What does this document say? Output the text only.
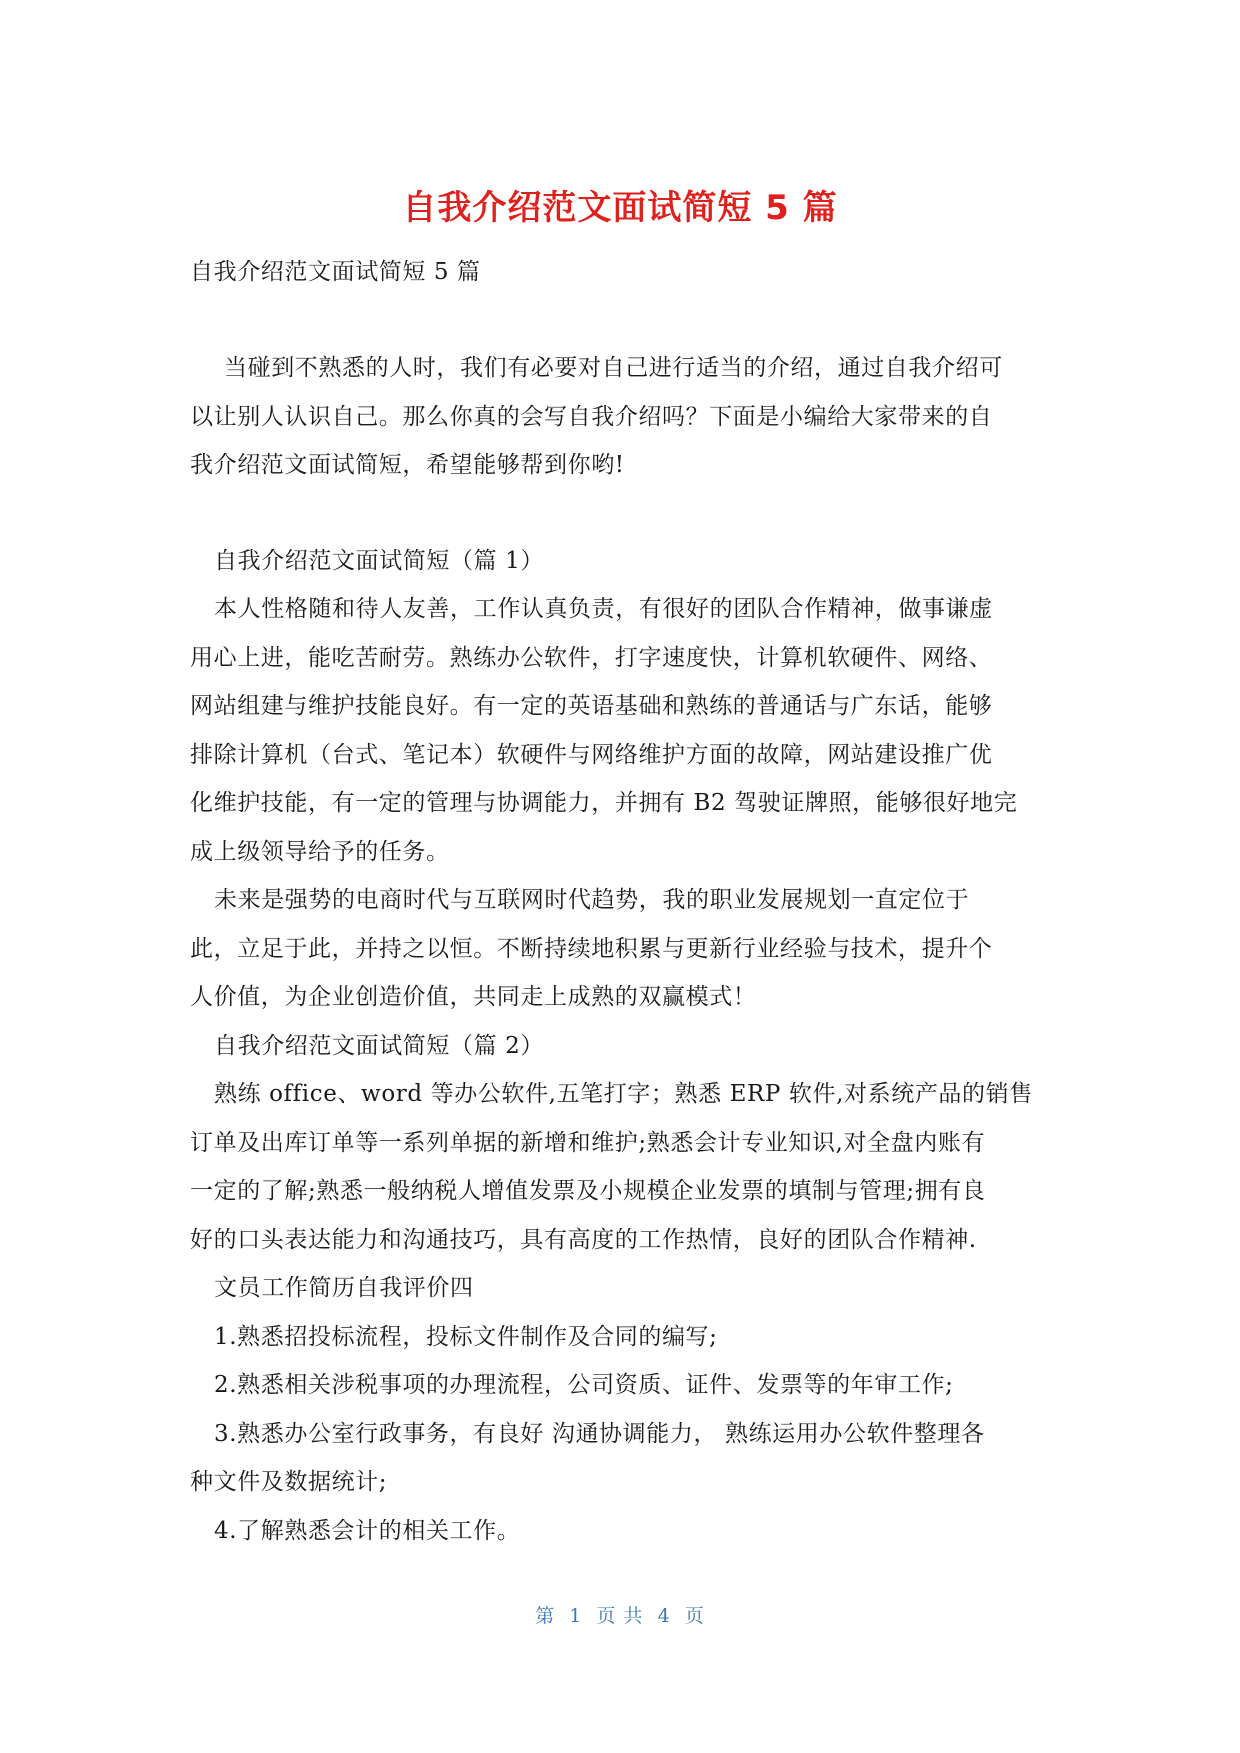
自我介绍范文面试简短 5 篇
自我介绍范文面试简短 5 篇
当碰到不熟悉的人时，我们有必要对自己进行适当的介绍，通过自我介绍可
以让别人认识自己。那么你真的会写自我介绍吗？下面是小编给大家带来的自
我介绍范文面试简短，希望能够帮到你哟!
自我介绍范文面试简短（篇 1）
本人性格随和待人友善，工作认真负责，有很好的团队合作精神，做事谦虚
用心上进，能吃苦耐劳。熟练办公软件，打字速度快，计算机软硬件、网络、
网站组建与维护技能良好。有一定的英语基础和熟练的普通话与广东话，能够
排除计算机（台式、笔记本）软硬件与网络维护方面的故障，网站建设推广优
化维护技能，有一定的管理与协调能力，并拥有 B2 驾驶证牌照，能够很好地完
成上级领导给予的任务。
未来是强势的电商时代与互联网时代趋势，我的职业发展规划一直定位于
此，立足于此，并持之以恒。不断持续地积累与更新行业经验与技术，提升个
人价值，为企业创造价值，共同走上成熟的双赢模式！
自我介绍范文面试简短（篇 2）
熟练 office、word 等办公软件,五笔打字；熟悉 ERP 软件,对系统产品的销售
订单及出库订单等一系列单据的新增和维护;熟悉会计专业知识,对全盘内账有
一定的了解;熟悉一般纳税人增值发票及小规模企业发票的填制与管理;拥有良
好的口头表达能力和沟通技巧，具有高度的工作热情，良好的团队合作精神.
文员工作简历自我评价四
1.熟悉招投标流程，投标文件制作及合同的编写;
2.熟悉相关涉税事项的办理流程，公司资质、证件、发票等的年审工作;
3.熟悉办公室行政事务，有良好 沟通协调能力， 熟练运用办公软件整理各
种文件及数据统计;
4.了解熟悉会计的相关工作。
第  1  页 共  4  页
